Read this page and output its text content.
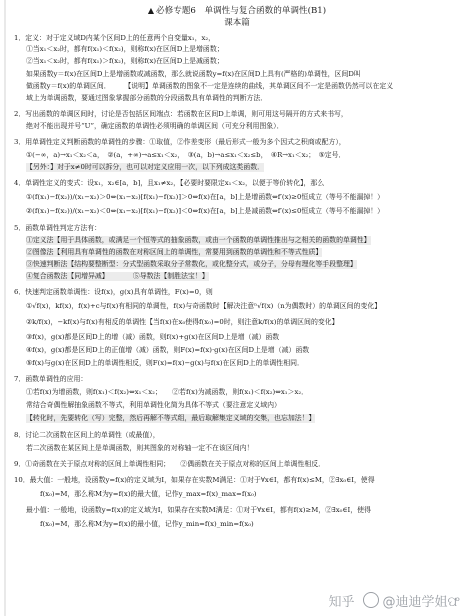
▲ 必修专题6　单调性与复合函数的单调性(B1)
课本篇
1．定义：对于定义域D内某个区间D上的任意两个自变量x₁，x₂，
①当x₁＜x₂时，都有f(x₁)＜f(x₂)，则称f(x)在区间D上是增函数；
②当x₁＜x₂时，都有f(x₁)＞f(x₂)，则称f(x)在区间D上是减函数；
如果函数y＝f(x)在区间D上是增函数或减函数，那么就说函数y=f(x)在区间D上具有(严格的)单调性，区间D叫
做函数y＝f(x)的单调区间．　　　【说明】单调函数的图象不一定是连续的曲线，其单调区间不一定是函数仍然可以在定义
域上为单调函数，要通过图象掌握部分函数的分段函数具有单调性的判断方法．
2．写出函数的单调区间时，讨论是否包括区间端点：若函数在区间D上单调，则可用这号隔开的方式来书写，
绝对不能出现并号“U”，确定函数的单调性必须明确的单调区间（可充分利用图象）．
3．用单调性定义判断函数的单调性的步骤：①取值，②作差变形（最后形式一般为多个因式之积商或配方），
①(−∞，a)→x₁＜x₂＜a，　②(a，+∞)→a≤x₁＜x₂，　③(a，b)→a≤x₁＜x₂≤b，　④R→x₁＜x₂；　⑤定号．
【另外：】对于x≠0时可以拆分，也可以对定义应用一次，以下列成这类函数．
4．单调性定义的变式：设x₁，x₂∈[a，b]，且x₁≠x₂，【必要时要限定x₁＜x₂，以便于等价转化】，那么
①(f(x₁)−f(x₂))/(x₁−x₂)＞0⇔(x₁−x₂)[f(x₁)−f(x₂)]＞0⇔f(x)在[a，b]上是增函数⇔f′(x)≥0恒成立（等号不能漏掉！）
②(f(x₁)−f(x₂))/(x₁−x₂)＜0⇔(x₁−x₂)[f(x₁)−f(x₂)]＜0⇔f(x)在[a，b]上是减函数⇔f′(x)≤0恒成立（等号不能漏掉！）
5．函数单调性判定方法有：
①定义法【用于具体函数，或满足一个恒等式的抽象函数，或由一个函数的单调性推出与之相关的函数的单调性】
②图像法【利用具有单调性的函数在对称区间上的单调性，常要用到函数的单调性和不等式性质】
③快速判断法【结构要整断型：分式型函数采取分子常数化，或化整分式，或分子，分母有理化等手段整理】
④复合函数法【同增异减】　　　　⑤导数法【制胜法宝！】
6．快速判定函数单调性：设f(x)，g(x)具有单调性，F(x)=0，则
①√f(x)，kf(x)，f(x)+c与f(x)有相同的单调性，f(x)与奇函数时【解决注意ⁿ√f(x)（n为偶数时）的单调区间的变化】
②k/f(x)，−kf(x)与f(x)有相反的单调性【当f(x)在x₀使得f(x₀)=0时，则注意k/f(x)的单调区间的变化】
③f(x)，g(x)都是区间D上的增（减）函数，则f(x)+g(x)在区间D上是增（减）函数
④f(x)，g(x)都是区间D上的正值增（减）函数，则F(x)=f(x)·g(x)在区间D上是增（减）函数
⑤f(x)与g(x)在区间D上的单调性相反，则F(x)=f(x)−g(x)与f(x)在区间D上的单调性相同．
7．函数单调性的应用：
①若f(x)为增函数，则f(x₁)＜f(x₂)⇔x₁＜x₂；　　②若f(x)为减函数，则f(x₁)＜f(x₂)⇔x₁＞x₂．
常结合奇偶性解抽象函数不等式，利用单调性化简为具体不等式（要注意定义域内）
【转化时，先要转化（写）完整，然后再解不等式组，最后取解集定义域的交集，也忘加法！】
8．讨论二次函数在区间上的单调性（或最值），
若二次函数在某区间上是单调函数，则其图象的对称轴一定不在该区间内！
9．①奇函数在关于原点对称的区间上单调性相同；　　②偶函数在关于原点对称的区间上单调性相反．
10．最大值：一般地，设函数y=f(x)的定义域为I，如果存在实数M满足：①对于∀x∈I，都有f(x)≤M，②∃x₀∈I，使得
f(x₀)=M，那么称M为y=f(x)的最大值，记作y_max=f(x)_max=f(x₀)
最小值：一般地，设函数y=f(x)的定义域为I，如果存在实数M满足：①对于∀x∈I，都有f(x)≥M，②∃x₀∈I，使得
f(x₀)=M，那么称M为y=f(x)的最小值，记作y_min=f(x)_min=f(x₀)
知乎 @迪迪学姐ଫ
